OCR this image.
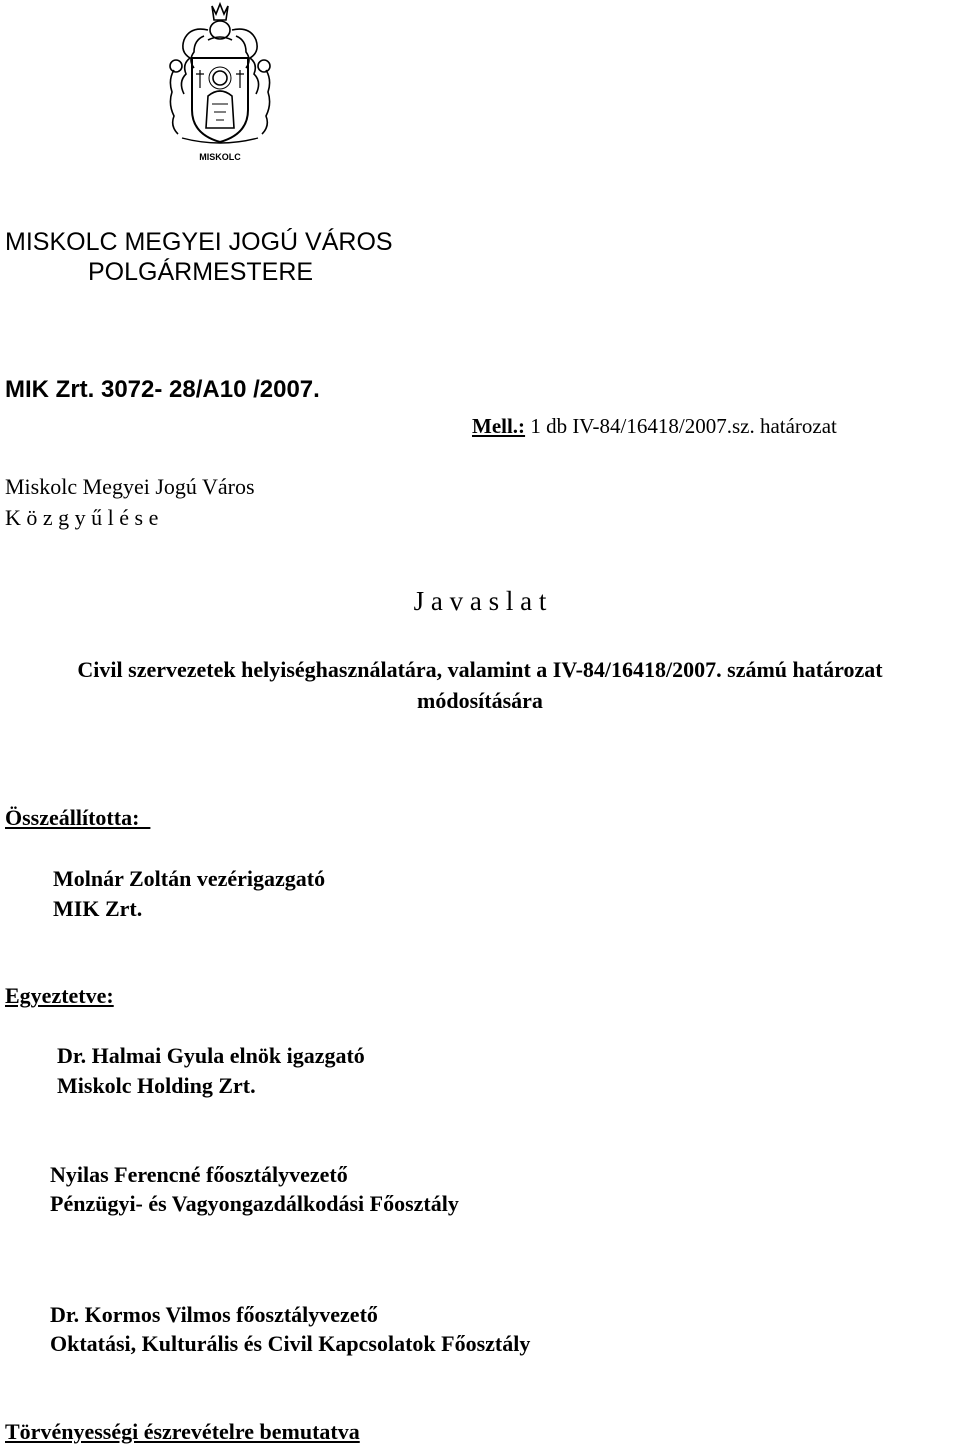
MISKOLC
MISKOLC MEGYEI JOGÚ VÁROS
POLGÁRMESTERE
MIK Zrt. 3072- 28/A10 /2007.
Mell.: 1 db IV-84/16418/2007.sz. határozat
Miskolc Megyei Jogú Város
K ö z g y ű l é s e
J a v a s l a t
Civil szervezetek helyiséghasználatára, valamint a IV-84/16418/2007. számú határozat
módosítására
Összeállította:
Molnár Zoltán vezérigazgató
MIK Zrt.
Egyeztetve:
Dr. Halmai Gyula elnök igazgató
Miskolc Holding Zrt.
Nyilas Ferencné főosztályvezető
Pénzügyi- és Vagyongazdálkodási Főosztály
Dr. Kormos Vilmos főosztályvezető
Oktatási, Kulturális és Civil Kapcsolatok Főosztály
Törvényességi észrevételre bemutatva
